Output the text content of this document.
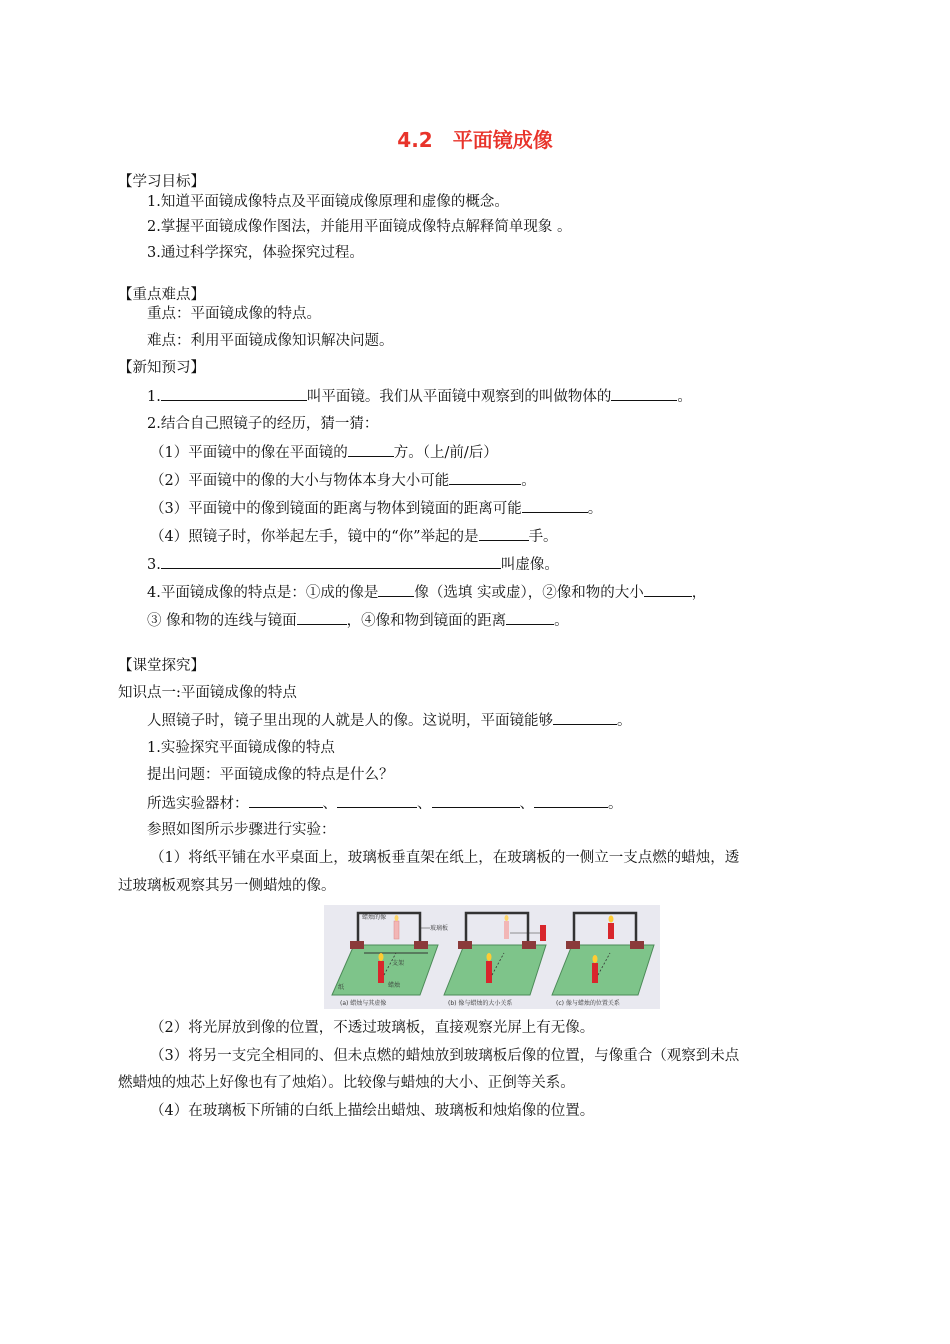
4.2　平面镜成像
【学习目标】
1.知道平面镜成像特点及平面镜成像原理和虚像的概念。
2.掌握平面镜成像作图法，并能用平面镜成像特点解释简单现象 。
3.通过科学探究，体验探究过程。
【重点难点】
重点：平面镜成像的特点。
难点：利用平面镜成像知识解决问题。
【新知预习】
1.	叫平面镜。我们从平面镜中观察到的叫做物体的	。
2.结合自己照镜子的经历，猜一猜：
（1）平面镜中的像在平面镜的	方。（上/前/后）
（2）平面镜中的像的大小与物体本身大小可能	。
（3）平面镜中的像到镜面的距离与物体到镜面的距离可能	。
（4）照镜子时，你举起左手，镜中的“你”举起的是	手。
3.	叫虚像。
4.平面镜成像的特点是：①成的像是 像（选填 实或虚），②像和物的大小	，
③ 像和物的连线与镜面	，④像和物到镜面的距离	。
【课堂探究】
知识点一:平面镜成像的特点
人照镜子时，镜子里出现的人就是人的像。这说明，平面镜能够	。
1.实验探究平面镜成像的特点
提出问题：平面镜成像的特点是什么？
所选实验器材：	、	、	、	。
参照如图所示步骤进行实验：
（1）将纸平铺在水平桌面上，玻璃板垂直架在纸上，在玻璃板的一侧立一支点燃的蜡烛，透
过玻璃板观察其另一侧蜡烛的像。
蜡烛的像
玻璃板
支架
蜡烛
纸
(a) 蜡烛与其虚像	(b) 像与蜡烛的大小关系	(c) 像与蜡烛的位置关系
（2）将光屏放到像的位置，不透过玻璃板，直接观察光屏上有无像。
（3）将另一支完全相同的、但未点燃的蜡烛放到玻璃板后像的位置，与像重合（观察到未点
燃蜡烛的烛芯上好像也有了烛焰）。比较像与蜡烛的大小、正倒等关系。
（4）在玻璃板下所铺的白纸上描绘出蜡烛、玻璃板和烛焰像的位置。
